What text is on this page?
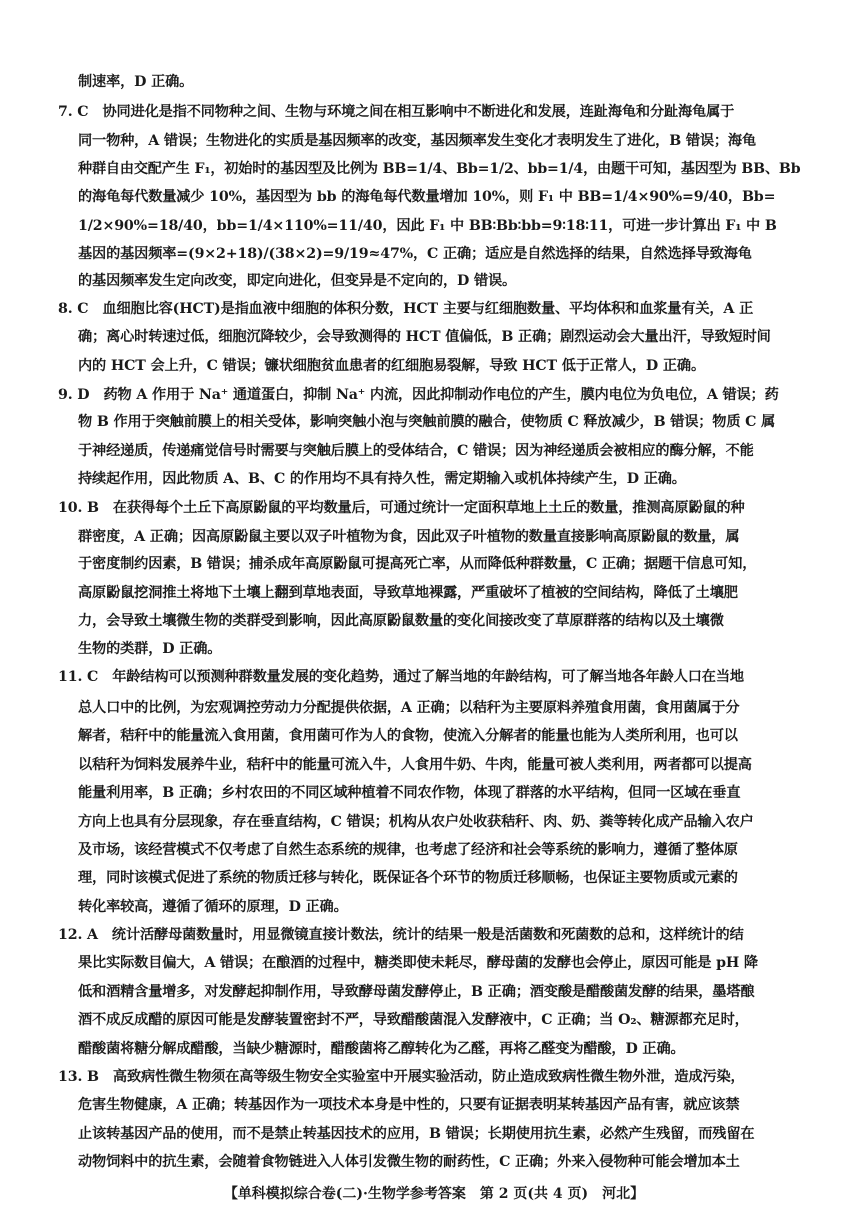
制速率，D 正确。
7. C　协同进化是指不同物种之间、生物与环境之间在相互影响中不断进化和发展，连趾海龟和分趾海龟属于
同一物种，A 错误；生物进化的实质是基因频率的改变，基因频率发生变化才表明发生了进化，B 错误；海龟
种群自由交配产生 F₁，初始时的基因型及比例为 BB=1/4、Bb=1/2、bb=1/4，由题干可知，基因型为 BB、Bb
的海龟每代数量减少 10%，基因型为 bb 的海龟每代数量增加 10%，则 F₁ 中 BB=1/4×90%=9/40，Bb=
1/2×90%=18/40，bb=1/4×110%=11/40，因此 F₁ 中 BB∶Bb∶bb=9∶18∶11，可进一步计算出 F₁ 中 B
基因的基因频率=(9×2+18)/(38×2)=9/19≈47%，C 正确；适应是自然选择的结果，自然选择导致海龟
的基因频率发生定向改变，即定向进化，但变异是不定向的，D 错误。
8. C　血细胞比容(HCT)是指血液中细胞的体积分数，HCT 主要与红细胞数量、平均体积和血浆量有关，A 正
确；离心时转速过低，细胞沉降较少，会导致测得的 HCT 值偏低，B 正确；剧烈运动会大量出汗，导致短时间
内的 HCT 会上升，C 错误；镰状细胞贫血患者的红细胞易裂解，导致 HCT 低于正常人，D 正确。
9. D　药物 A 作用于 Na⁺ 通道蛋白，抑制 Na⁺ 内流，因此抑制动作电位的产生，膜内电位为负电位，A 错误；药
物 B 作用于突触前膜上的相关受体，影响突触小泡与突触前膜的融合，使物质 C 释放减少，B 错误；物质 C 属
于神经递质，传递痛觉信号时需要与突触后膜上的受体结合，C 错误；因为神经递质会被相应的酶分解，不能
持续起作用，因此物质 A、B、C 的作用均不具有持久性，需定期输入或机体持续产生，D 正确。
10. B　在获得每个土丘下高原鼢鼠的平均数量后，可通过统计一定面积草地上土丘的数量，推测高原鼢鼠的种
群密度，A 正确；因高原鼢鼠主要以双子叶植物为食，因此双子叶植物的数量直接影响高原鼢鼠的数量，属
于密度制约因素，B 错误；捕杀成年高原鼢鼠可提高死亡率，从而降低种群数量，C 正确；据题干信息可知，
高原鼢鼠挖洞推土将地下土壤上翻到草地表面，导致草地裸露，严重破坏了植被的空间结构，降低了土壤肥
力，会导致土壤微生物的类群受到影响，因此高原鼢鼠数量的变化间接改变了草原群落的结构以及土壤微
生物的类群，D 正确。
11. C　年龄结构可以预测种群数量发展的变化趋势，通过了解当地的年龄结构，可了解当地各年龄人口在当地
总人口中的比例，为宏观调控劳动力分配提供依据，A 正确；以秸秆为主要原料养殖食用菌，食用菌属于分
解者，秸秆中的能量流入食用菌，食用菌可作为人的食物，使流入分解者的能量也能为人类所利用，也可以
以秸秆为饲料发展养牛业，秸秆中的能量可流入牛，人食用牛奶、牛肉，能量可被人类利用，两者都可以提高
能量利用率，B 正确；乡村农田的不同区域种植着不同农作物，体现了群落的水平结构，但同一区域在垂直
方向上也具有分层现象，存在垂直结构，C 错误；机构从农户处收获秸秆、肉、奶、粪等转化成产品输入农户
及市场，该经营模式不仅考虑了自然生态系统的规律，也考虑了经济和社会等系统的影响力，遵循了整体原
理，同时该模式促进了系统的物质迁移与转化，既保证各个环节的物质迁移顺畅，也保证主要物质或元素的
转化率较高，遵循了循环的原理，D 正确。
12. A　统计活酵母菌数量时，用显微镜直接计数法，统计的结果一般是活菌数和死菌数的总和，这样统计的结
果比实际数目偏大，A 错误；在酿酒的过程中，糖类即使未耗尽，酵母菌的发酵也会停止，原因可能是 pH 降
低和酒精含量增多，对发酵起抑制作用，导致酵母菌发酵停止，B 正确；酒变酸是醋酸菌发酵的结果，墨塔酿
酒不成反成醋的原因可能是发酵装置密封不严，导致醋酸菌混入发酵液中，C 正确；当 O₂、糖源都充足时，
醋酸菌将糖分解成醋酸，当缺少糖源时，醋酸菌将乙醇转化为乙醛，再将乙醛变为醋酸，D 正确。
13. B　高致病性微生物须在高等级生物安全实验室中开展实验活动，防止造成致病性微生物外泄，造成污染，
危害生物健康，A 正确；转基因作为一项技术本身是中性的，只要有证据表明某转基因产品有害，就应该禁
止该转基因产品的使用，而不是禁止转基因技术的应用，B 错误；长期使用抗生素，必然产生残留，而残留在
动物饲料中的抗生素，会随着食物链进入人体引发微生物的耐药性，C 正确；外来入侵物种可能会增加本土
【单科模拟综合卷(二)·生物学参考答案　第 2 页(共 4 页)　河北】
